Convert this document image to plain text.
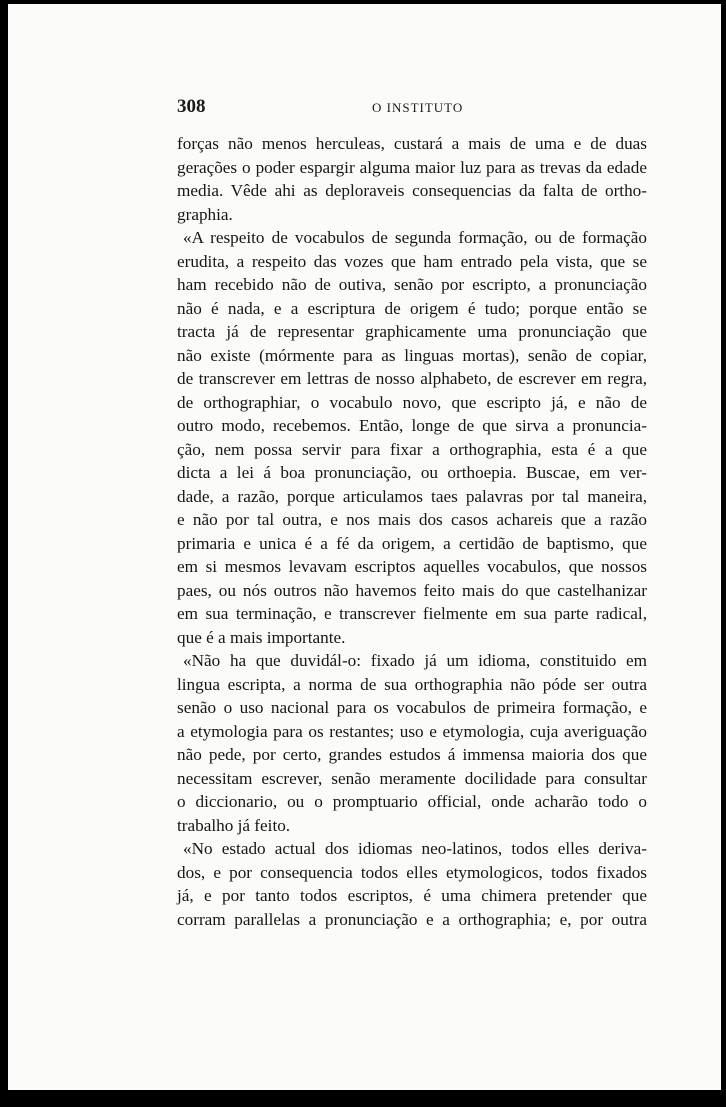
308	O INSTITUTO
forças não menos herculeas, custará a mais de uma e de duas
gerações o poder espargir alguma maior luz para as trevas da edade
media. Vêde ahi as deploraveis consequencias da falta de ortho-
graphia.
«A respeito de vocabulos de segunda formação, ou de formação
erudita, a respeito das vozes que ham entrado pela vista, que se
ham recebido não de outiva, senão por escripto, a pronunciação
não é nada, e a escriptura de origem é tudo; porque então se
tracta já de representar graphicamente uma pronunciação que
não existe (mórmente para as linguas mortas), senão de copiar,
de transcrever em lettras de nosso alphabeto, de escrever em regra,
de orthographiar, o vocabulo novo, que escripto já, e não de
outro modo, recebemos. Então, longe de que sirva a pronuncia-
ção, nem possa servir para fixar a orthographia, esta é a que
dicta a lei á boa pronunciação, ou orthoepia. Buscae, em ver-
dade, a razão, porque articulamos taes palavras por tal maneira,
e não por tal outra, e nos mais dos casos achareis que a razão
primaria e unica é a fé da origem, a certidão de baptismo, que
em si mesmos levavam escriptos aquelles vocabulos, que nossos
paes, ou nós outros não havemos feito mais do que castelhanizar
em sua terminação, e transcrever fielmente em sua parte radical,
que é a mais importante.
«Não ha que duvidál-o: fixado já um idioma, constituido em
lingua escripta, a norma de sua orthographia não póde ser outra
senão o uso nacional para os vocabulos de primeira formação, e
a etymologia para os restantes; uso e etymologia, cuja averiguação
não pede, por certo, grandes estudos á immensa maioria dos que
necessitam escrever, senão meramente docilidade para consultar
o diccionario, ou o promptuario official, onde acharão todo o
trabalho já feito.
«No estado actual dos idiomas neo-latinos, todos elles deriva-
dos, e por consequencia todos elles etymologicos, todos fixados
já, e por tanto todos escriptos, é uma chimera pretender que
corram parallelas a pronunciação e a orthographia; e, por outra
